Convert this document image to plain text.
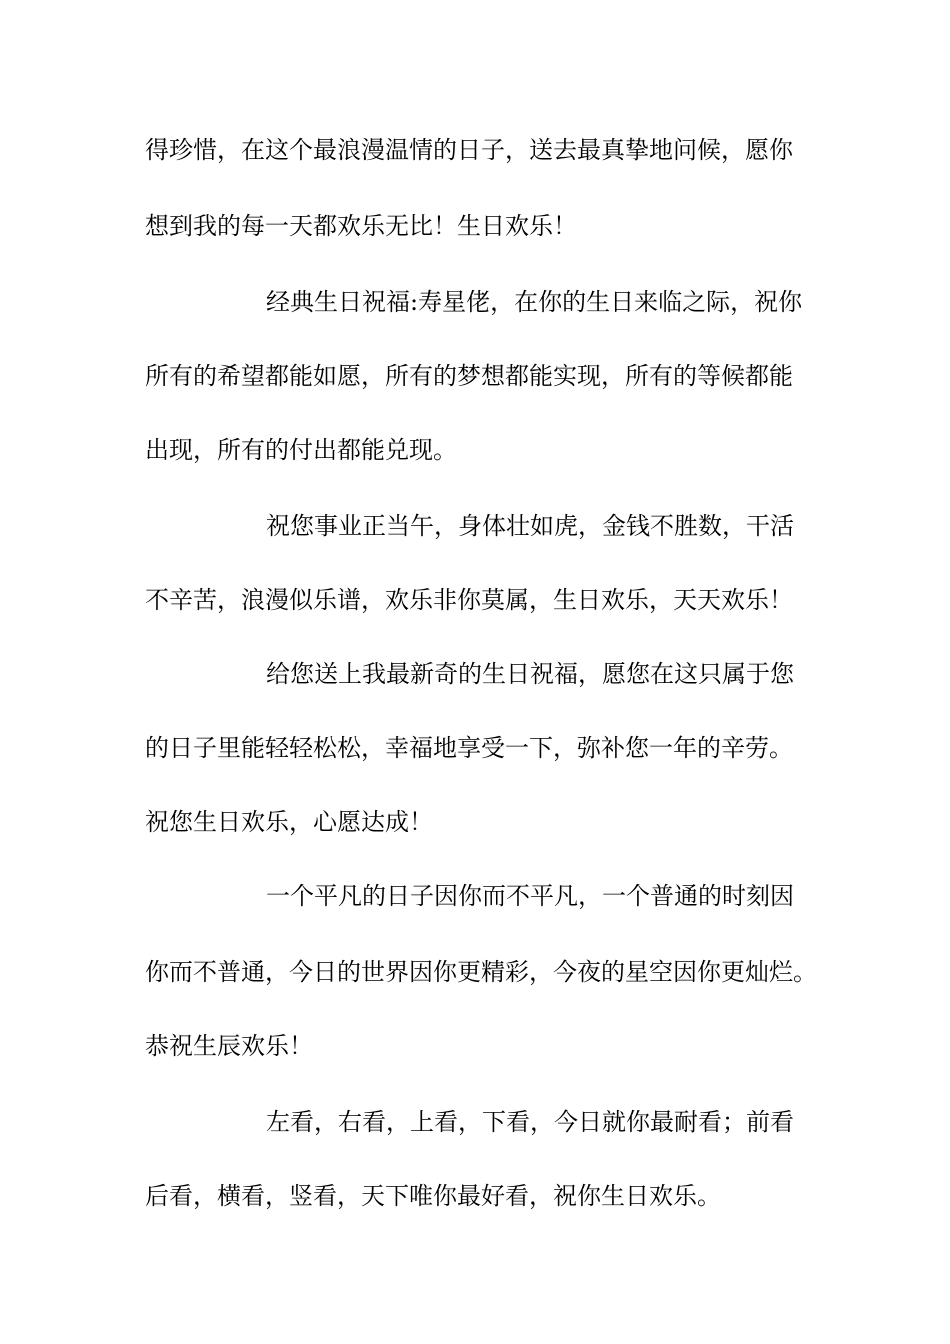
得珍惜，在这个最浪漫温情的日子，送去最真挚地问候，愿你
想到我的每一天都欢乐无比！生日欢乐！
经典生日祝福:寿星佬，在你的生日来临之际，祝你
所有的希望都能如愿，所有的梦想都能实现，所有的等候都能
出现，所有的付出都能兑现。
祝您事业正当午，身体壮如虎，金钱不胜数，干活
不辛苦，浪漫似乐谱，欢乐非你莫属，生日欢乐，天天欢乐！
给您送上我最新奇的生日祝福，愿您在这只属于您
的日子里能轻轻松松，幸福地享受一下，弥补您一年的辛劳。
祝您生日欢乐，心愿达成！
一个平凡的日子因你而不平凡，一个普通的时刻因
你而不普通，今日的世界因你更精彩，今夜的星空因你更灿烂。
恭祝生辰欢乐！
左看，右看，上看，下看，今日就你最耐看；前看
后看，横看，竖看，天下唯你最好看，祝你生日欢乐。
